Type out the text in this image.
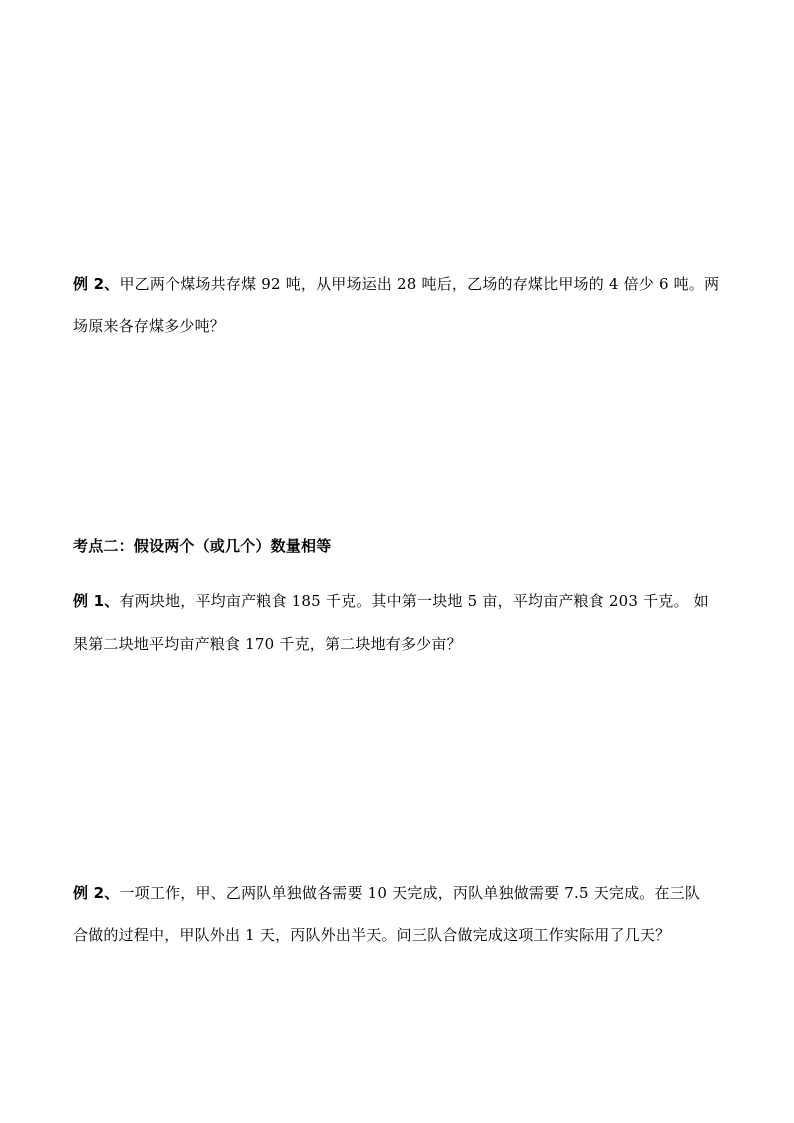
例 2、甲乙两个煤场共存煤 92 吨，从甲场运出 28 吨后，乙场的存煤比甲场的 4 倍少 6 吨。两
场原来各存煤多少吨？
考点二：假设两个（或几个）数量相等
例 1、有两块地，平均亩产粮食 185 千克。其中第一块地 5 亩，平均亩产粮食 203 千克。 如
果第二块地平均亩产粮食 170 千克，第二块地有多少亩？
例 2、一项工作，甲、乙两队单独做各需要 10 天完成，丙队单独做需要 7.5 天完成。在三队
合做的过程中，甲队外出 1 天，丙队外出半天。问三队合做完成这项工作实际用了几天？
